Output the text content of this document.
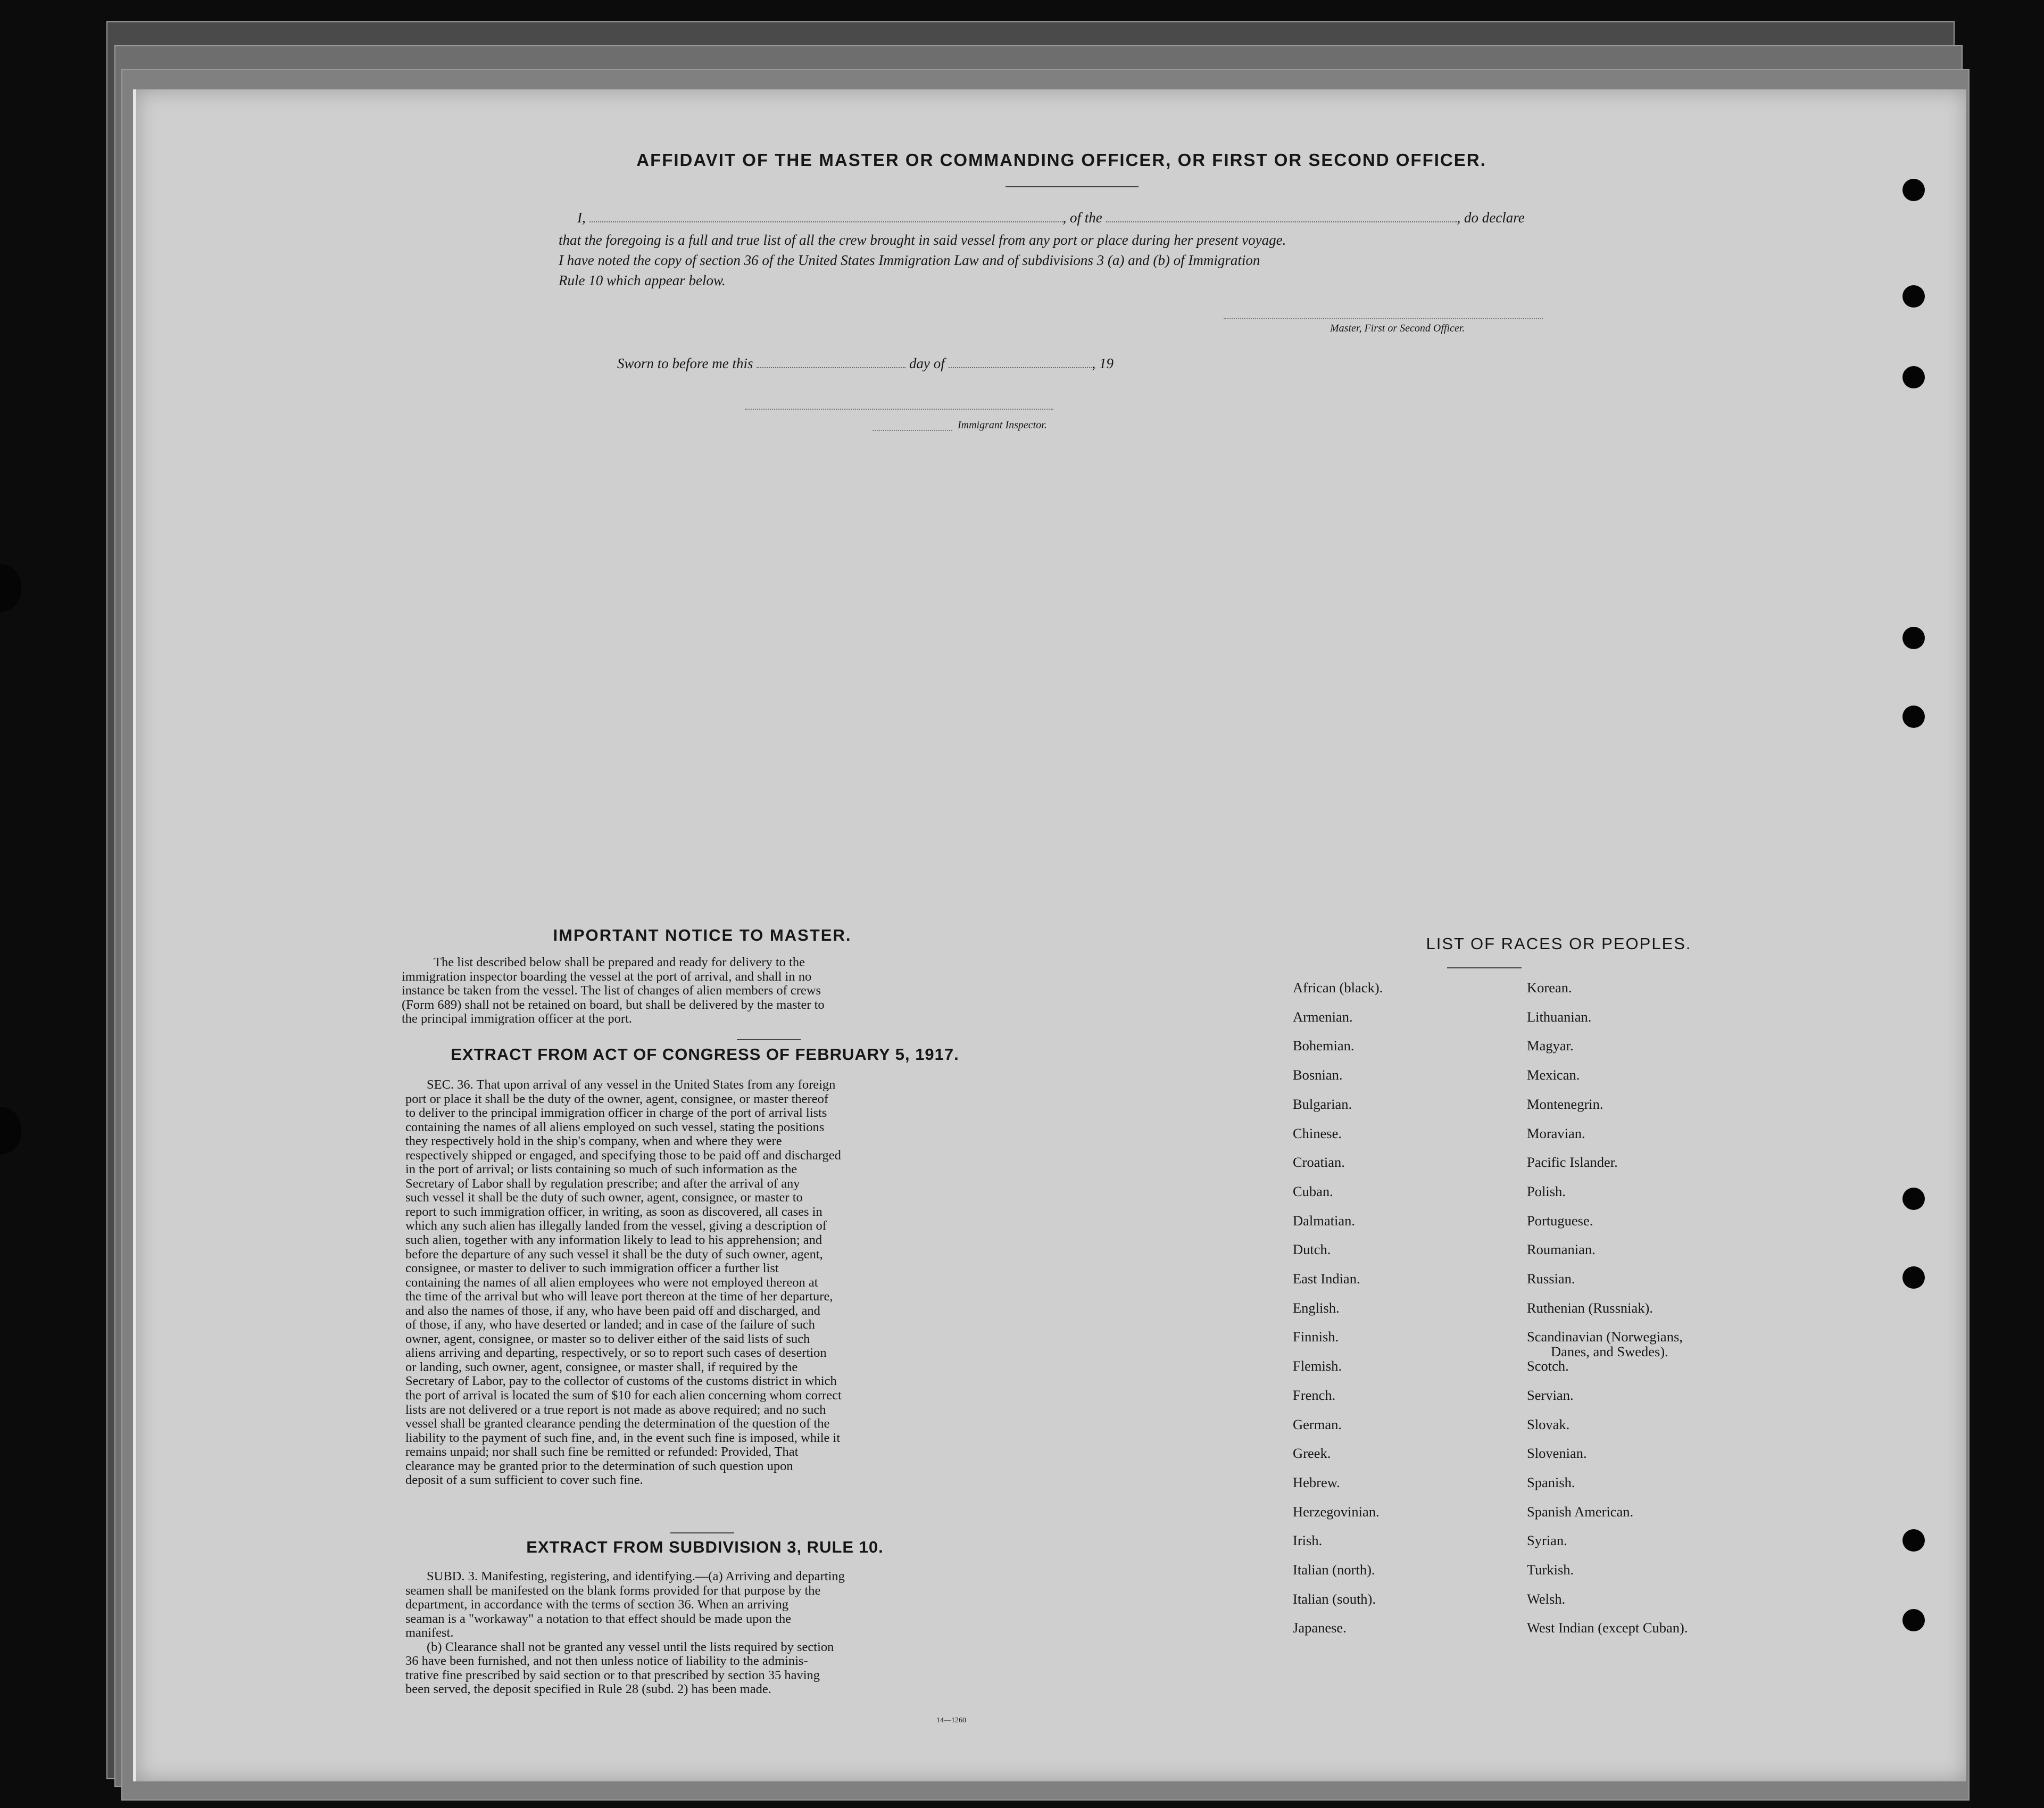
AFFIDAVIT OF THE MASTER OR COMMANDING OFFICER, OR FIRST OR SECOND OFFICER.
I,	, of the	, do declare
that the foregoing is a full and true list of all the crew brought in said vessel from any port or place during her present voyage.
I have noted the copy of section 36 of the United States Immigration Law and of subdivisions 3 (a) and (b) of Immigration
Rule 10 which appear below.
Master, First or Second Officer.
Sworn to before me this	day of	, 19
Immigrant Inspector.
IMPORTANT NOTICE TO MASTER.
The list described below shall be prepared and ready for delivery to the
immigration inspector boarding the vessel at the port of arrival, and shall in no
instance be taken from the vessel. The list of changes of alien members of crews
(Form 689) shall not be retained on board, but shall be delivered by the master to
the principal immigration officer at the port.
EXTRACT FROM ACT OF CONGRESS OF FEBRUARY 5, 1917.
SEC. 36. That upon arrival of any vessel in the United States from any foreign
port or place it shall be the duty of the owner, agent, consignee, or master thereof
to deliver to the principal immigration officer in charge of the port of arrival lists
containing the names of all aliens employed on such vessel, stating the positions
they respectively hold in the ship's company, when and where they were
respectively shipped or engaged, and specifying those to be paid off and discharged
in the port of arrival; or lists containing so much of such information as the
Secretary of Labor shall by regulation prescribe; and after the arrival of any
such vessel it shall be the duty of such owner, agent, consignee, or master to
report to such immigration officer, in writing, as soon as discovered, all cases in
which any such alien has illegally landed from the vessel, giving a description of
such alien, together with any information likely to lead to his apprehension; and
before the departure of any such vessel it shall be the duty of such owner, agent,
consignee, or master to deliver to such immigration officer a further list
containing the names of all alien employees who were not employed thereon at
the time of the arrival but who will leave port thereon at the time of her departure,
and also the names of those, if any, who have been paid off and discharged, and
of those, if any, who have deserted or landed; and in case of the failure of such
owner, agent, consignee, or master so to deliver either of the said lists of such
aliens arriving and departing, respectively, or so to report such cases of desertion
or landing, such owner, agent, consignee, or master shall, if required by the
Secretary of Labor, pay to the collector of customs of the customs district in which
the port of arrival is located the sum of $10 for each alien concerning whom correct
lists are not delivered or a true report is not made as above required; and no such
vessel shall be granted clearance pending the determination of the question of the
liability to the payment of such fine, and, in the event such fine is imposed, while it
remains unpaid; nor shall such fine be remitted or refunded: Provided, That
clearance may be granted prior to the determination of such question upon
deposit of a sum sufficient to cover such fine.
EXTRACT FROM SUBDIVISION 3, RULE 10.
SUBD. 3. Manifesting, registering, and identifying.—(a) Arriving and departing
seamen shall be manifested on the blank forms provided for that purpose by the
department, in accordance with the terms of section 36. When an arriving
seaman is a "workaway" a notation to that effect should be made upon the
manifest.
(b) Clearance shall not be granted any vessel until the lists required by section
36 have been furnished, and not then unless notice of liability to the adminis-
trative fine prescribed by said section or to that prescribed by section 35 having
been served, the deposit specified in Rule 28 (subd. 2) has been made.
14—1260
LIST OF RACES OR PEOPLES.
African (black).
Armenian.
Bohemian.
Bosnian.
Bulgarian.
Chinese.
Croatian.
Cuban.
Dalmatian.
Dutch.
East Indian.
English.
Finnish.
Flemish.
French.
German.
Greek.
Hebrew.
Herzegovinian.
Irish.
Italian (north).
Italian (south).
Japanese.
Korean.
Lithuanian.
Magyar.
Mexican.
Montenegrin.
Moravian.
Pacific Islander.
Polish.
Portuguese.
Roumanian.
Russian.
Ruthenian (Russniak).
Scandinavian (Norwegians,
Danes, and Swedes).
Scotch.
Servian.
Slovak.
Slovenian.
Spanish.
Spanish American.
Syrian.
Turkish.
Welsh.
West Indian (except Cuban).
